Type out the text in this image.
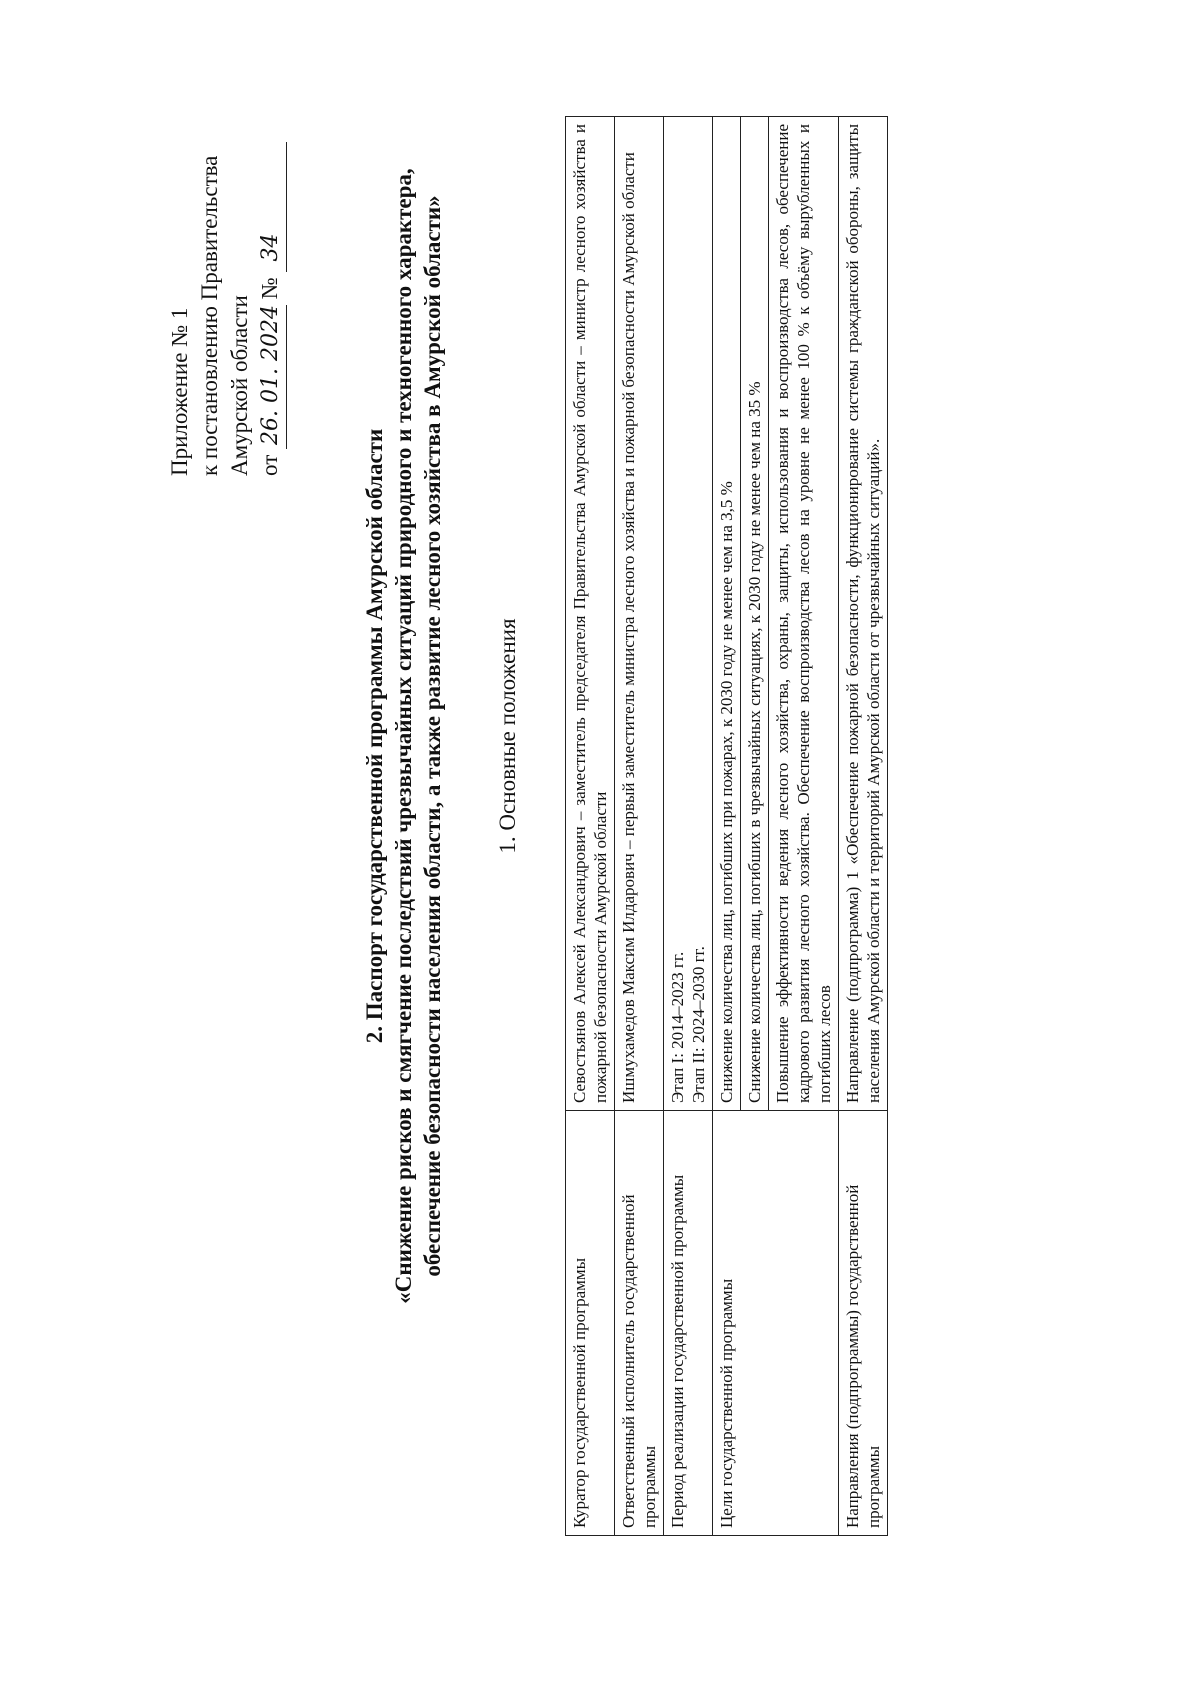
Приложение № 1 к постановлению Правительства Амурской области от 26. 01. 2024 № 34
2. Паспорт государственной программы Амурской области «Снижение рисков и смягчение последствий чрезвычайных ситуаций природного и техногенного характера, обеспечение безопасности населения области, а также развитие лесного хозяйства в Амурской области» 1. Основные положения
Куратор государственной программы	Севостьянов Алексей Александрович – заместитель председателя Правительства Амурской области – министр лесного хозяйства и пожарной безопасности Амурской области
Ответственный исполнитель государственной программы	Ишмухамедов Максим Илдарович – первый заместитель министра лесного хозяйства и пожарной безопасности Амурской области
Период реализации государственной программы	Этап I: 2014–2023 гг. Этап II: 2024–2030 гг.

Цели государственной программы	Снижение количества лиц, погибших при пожарах, к 2030 году не менее чем на 3,5 %
	Снижение количества лиц, погибших в чрезвычайных ситуациях, к 2030 году не менее чем на 35 %
	Повышение эффективности ведения лесного хозяйства, охраны, защиты, использования и воспроизводства лесов, обеспечение кадрового развития лесного хозяйства. Обеспечение воспроизводства лесов на уровне не менее 100 % к объёму вырубленных и погибших лесов
Направления (подпрограммы) государственной программы	Направление (подпрограмма) 1 «Обеспечение пожарной безопасности, функционирование системы гражданской обороны, защиты населения Амурской области и территорий Амурской области от чрезвычайных ситуаций».
